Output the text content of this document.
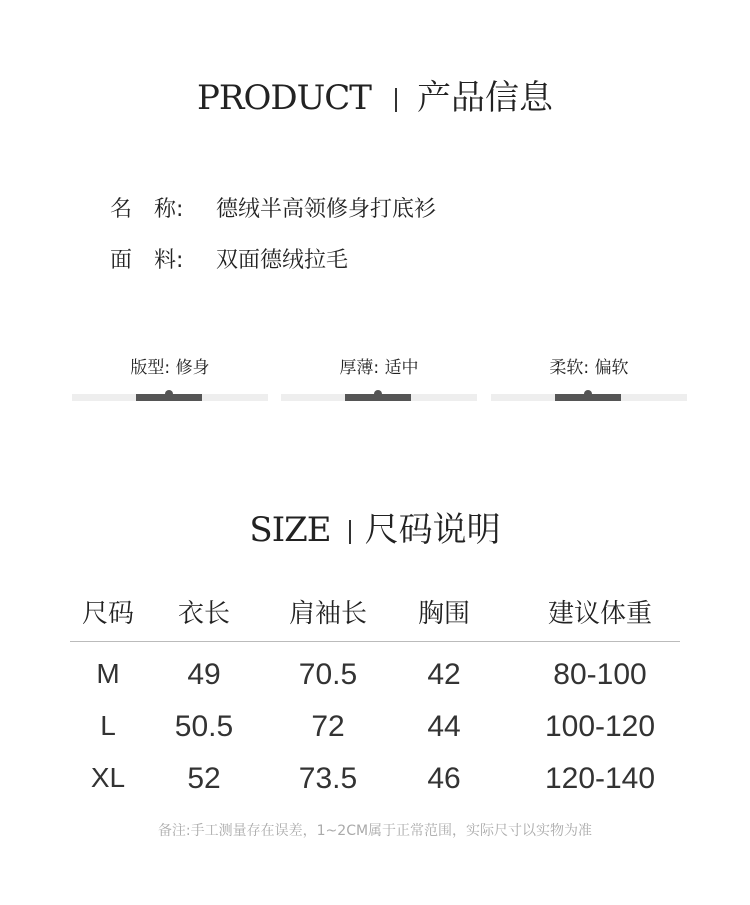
PRODUCT 产品信息
名　称: 德绒半高领修身打底衫
面　料: 双面德绒拉毛
版型: 修身	厚薄: 适中	柔软: 偏软
SIZE 尺码说明
尺码 衣长 肩袖长 胸围	建议体重
M 49	70.5 42	80-100
L 50.5	72	44	100-120
XL 52	73.5 46	120-140
备注:手工测量存在误差，1~2CM属于正常范围，实际尺寸以实物为准
